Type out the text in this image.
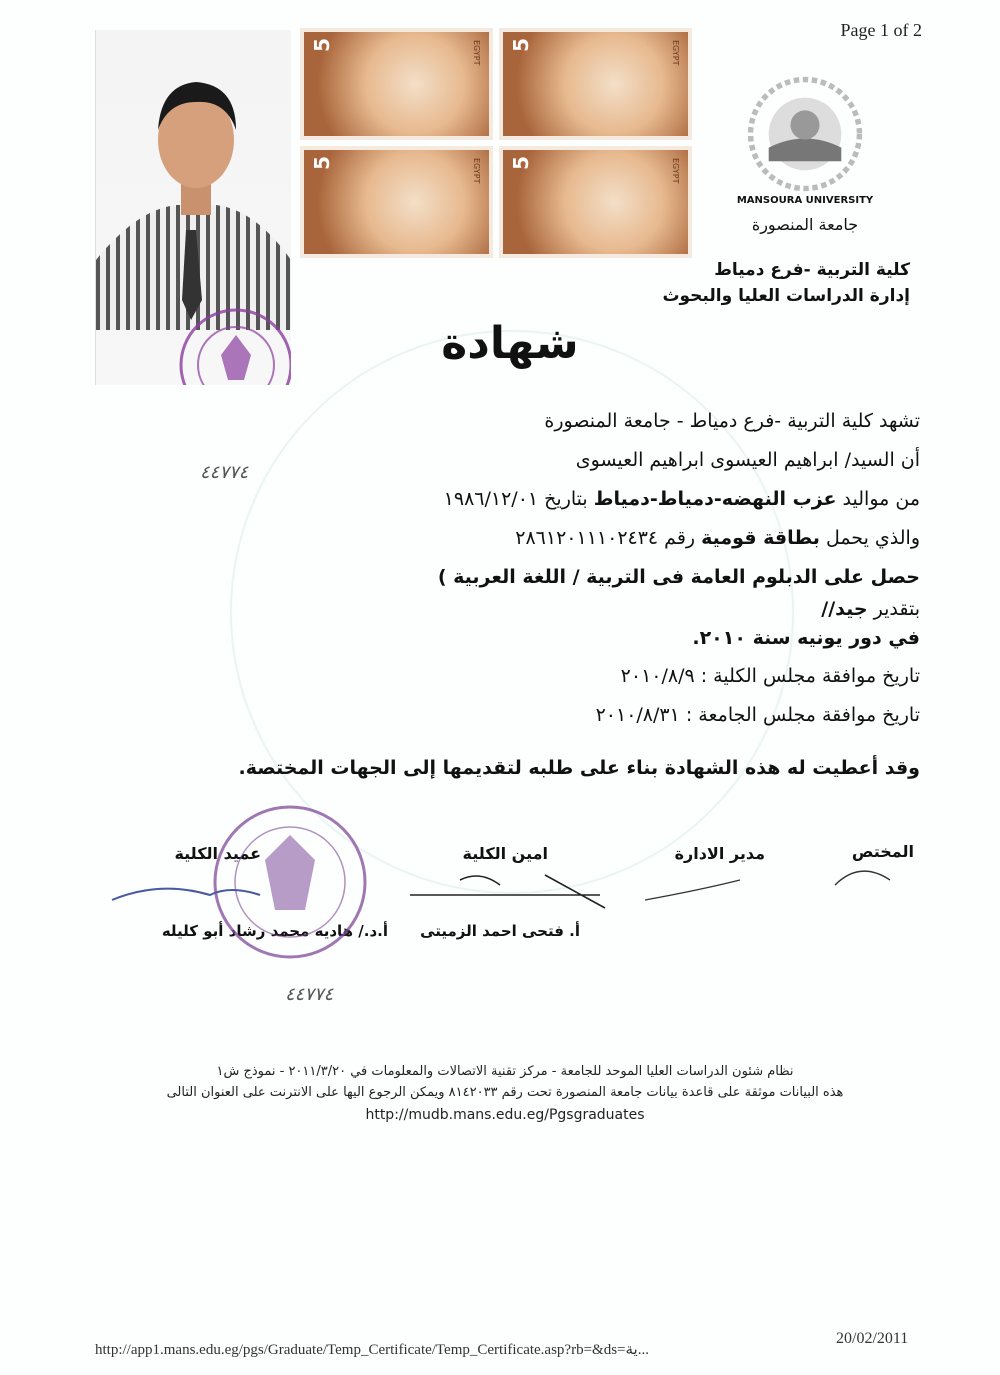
Page 1 of 2
٤٤٧٧٤
5	EGYPT 5	EGYPT
5	EGYPT 5	EGYPT
MANSOURA UNIVERSITY
جامعة المنصورة
كلية التربية -فرع دمياط
إدارة الدراسات العليا والبحوث
شهادة
تشهد كلية التربية -فرع دمياط - جامعة المنصورة
أن السيد/ ابراهيم العيسوى ابراهيم العيسوى
من مواليد عزب النهضه-دمياط-دمياط بتاريخ ١٩٨٦/١٢/٠١
والذي يحمل بطاقة قومية رقم ٢٨٦١٢٠١١١٠٢٤٣٤
حصل على الدبلوم العامة فى التربية / اللغة العربية )
بتقدير جيد//
في دور يونيه سنة ٢٠١٠.
تاريخ موافقة مجلس الكلية : ٢٠١٠/٨/٩
تاريخ موافقة مجلس الجامعة : ٢٠١٠/٨/٣١
وقد أعطيت له هذه الشهادة بناء على طلبه لتقديمها إلى الجهات المختصة.
المختص
مدير الادارة
امين الكلية
عميد الكلية
أ. فتحى احمد الزميتى
أ.د./ هاديه محمد رشاد أبو كليله
٤٤٧٧٤
نظام شئون الدراسات العليا الموحد للجامعة - مركز تقنية الاتصالات والمعلومات في ٢٠١١/٣/٢٠ - نموذج ش١
هذه البيانات موثقة على قاعدة بيانات جامعة المنصورة تحت رقم ٨١٤٢٠٣٣ ويمكن الرجوع اليها على الانترنت على العنوان التالى
http://mudb.mans.edu.eg/Pgsgraduates
http://app1.mans.edu.eg/pgs/Graduate/Temp_Certificate/Temp_Certificate.asp?rb=&ds=ية...
20/02/2011
